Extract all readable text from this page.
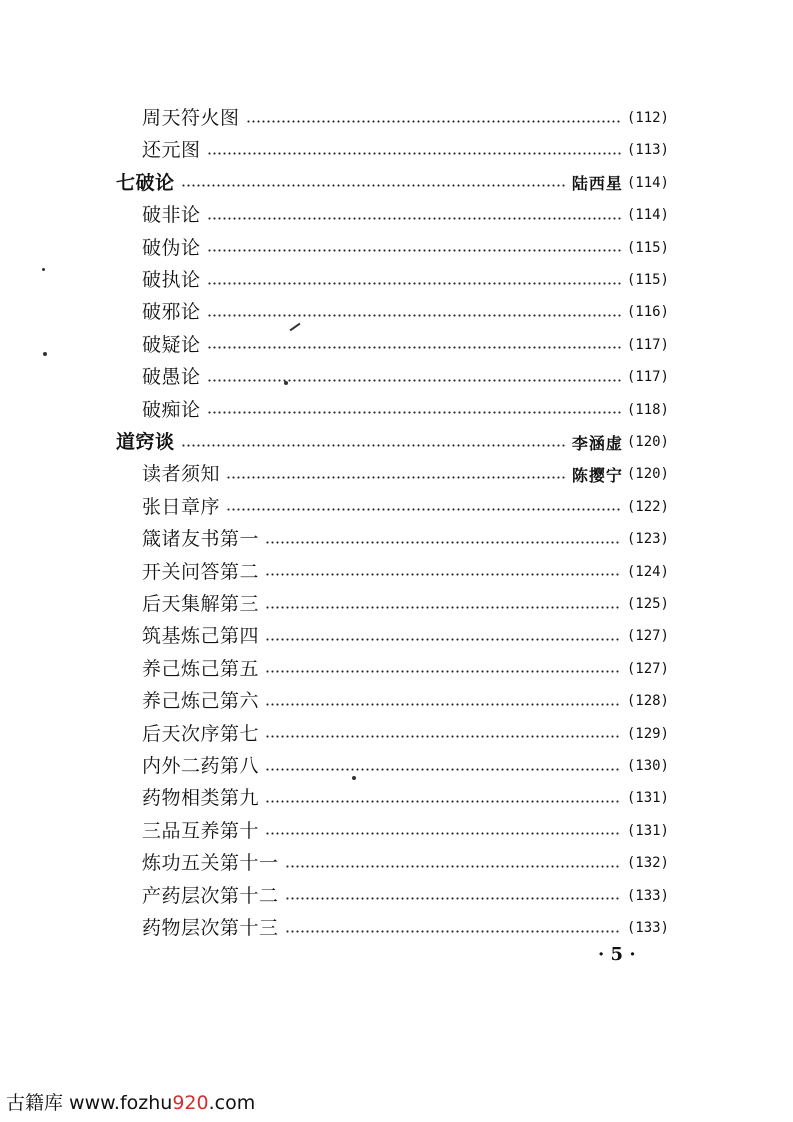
周天符火图	(112)
还元图	(113)
七破论	陆西星 (114)
破非论	(114)
破伪论	(115)
破执论	(115)
破邪论	(116)
破疑论	(117)
破愚论	(117)
破痴论	(118)
道窍谈	李涵虚 (120)
读者须知	陈撄宁 (120)
张日章序	(122)
箴诸友书第一	(123)
开关问答第二	(124)
后天集解第三	(125)
筑基炼己第四	(127)
养己炼己第五	(127)
养己炼己第六	(128)
后天次序第七	(129)
内外二药第八	(130)
药物相类第九	(131)
三品互养第十	(131)
炼功五关第十一	(132)
产药层次第十二	(133)
药物层次第十三	(133)
· 5 ·
古籍库 www.fozhu920.com
